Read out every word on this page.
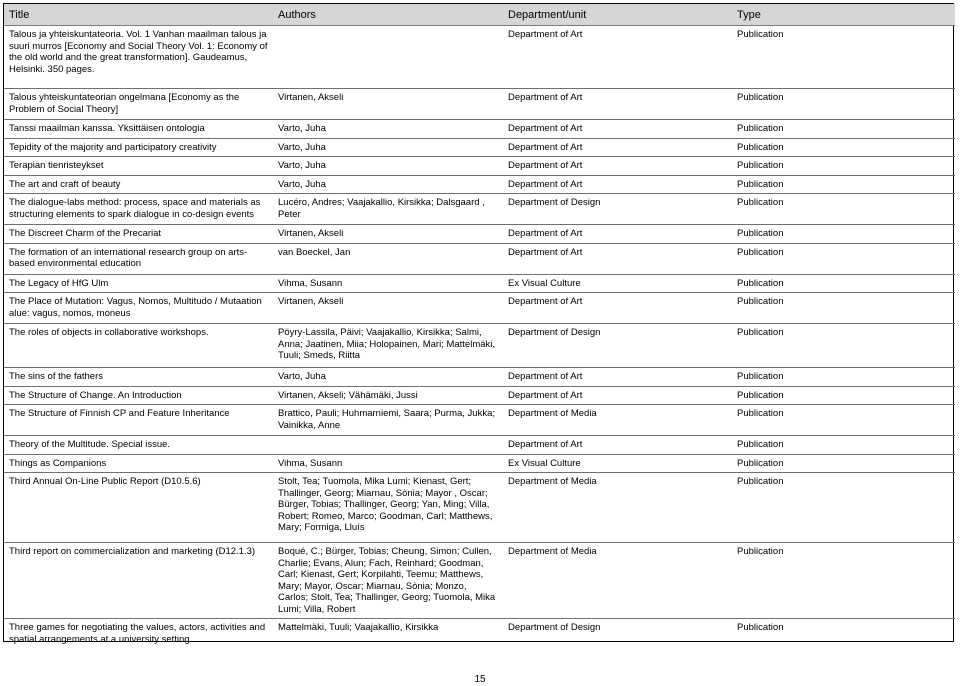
Title	Authors	Department/unit	Type
Talous ja yhteiskuntateoria. Vol. 1 Vanhan maailman talous ja suuri murros [Economy and Social Theory Vol. 1: Economy of the old world and the great transformation]. Gaudeamus, Helsinki. 350 pages.		Department of Art	Publication
Talous yhteiskuntateorian ongelmana [Economy as the Problem of Social Theory]	Virtanen, Akseli	Department of Art	Publication
Tanssi maailman kanssa. Yksittäisen ontologia	Varto, Juha	Department of Art	Publication
Tepidity of the majority and participatory creativity	Varto, Juha	Department of Art	Publication
Terapian tienristeykset	Varto, Juha	Department of Art	Publication
The art and craft of beauty	Varto, Juha	Department of Art	Publication
The dialogue-labs method: process, space and materials as structuring elements to spark dialogue in co-design events	Lucéro, Andres; Vaajakallio, Kirsikka; Dalsgaard , Peter	Department of Design	Publication
The Discreet Charm of the Precariat	Virtanen, Akseli	Department of Art	Publication
The formation of an international research group on arts-based environmental education	van Boeckel, Jan	Department of Art	Publication
The Legacy of HfG Ulm	Vihma, Susann	Ex Visual Culture	Publication
The Place of Mutation: Vagus, Nomos, Multitudo / Mutaation alue: vagus, nomos, moneus	Virtanen, Akseli	Department of Art	Publication
The roles of objects in collaborative workshops.	Pöyry-Lassila, Päivi; Vaajakallio, Kirsikka; Salmi, Anna; Jaatinen, Miia; Holopainen, Mari; Mattelmäki, Tuuli; Smeds, Riitta	Department of Design	Publication
The sins of the fathers	Varto, Juha	Department of Art	Publication
The Structure of Change. An Introduction	Virtanen, Akseli; Vähämäki, Jussi	Department of Art	Publication
The Structure of Finnish CP and Feature Inheritance	Brattico, Pauli; Huhmarniemi, Saara; Purma, Jukka; Vainikka, Anne	Department of Media	Publication
Theory of the Multitude. Special issue.		Department of Art	Publication
Things as Companions	Vihma, Susann	Ex Visual Culture	Publication
Third Annual On-Line Public Report (D10.5.6)	Stolt, Tea; Tuomola, Mika Lumi; Kienast, Gert; Thallinger, Georg; Miarnau, Sònia; Mayor , Oscar; Bürger, Tobias; Thallinger, Georg; Yan, Ming; Villa, Robert; Romeo, Marco; Goodman, Carl; Matthews, Mary; Formiga, Lluís	Department of Media	Publication
Third report on commercialization and marketing (D12.1.3)	Boqué, C.; Bürger, Tobias; Cheung, Simon; Cullen, Charlie; Evans, Alun; Fach, Reinhard; Goodman, Carl; Kienast, Gert; Korpilahti, Teemu; Matthews, Mary; Mayor, Oscar; Miarnau, Sònia; Monzo, Carlos; Stolt, Tea; Thallinger, Georg; Tuomola, Mika Lumi; Villa, Robert	Department of Media	Publication
Three games for negotiating the values, actors, activities and spatial arrangements at a university setting.	Mattelmäki, Tuuli; Vaajakallio, Kirsikka	Department of Design	Publication
15
